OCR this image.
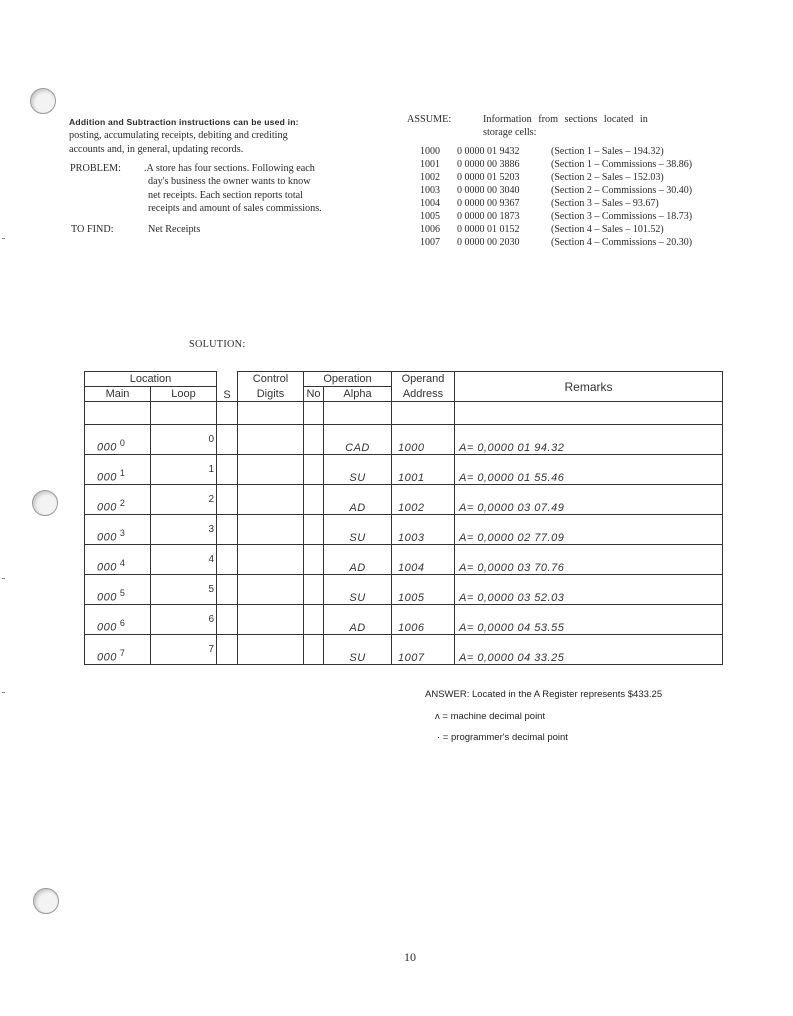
Addition and Subtraction instructions can be used in:
posting, accumulating receipts, debiting and crediting
accounts and, in general, updating records.
PROBLEM: .A store has four sections. Following each
day's business the owner wants to know
net receipts. Each section reports total
receipts and amount of sales commissions.
TO FIND:	Net Receipts
ASSUME:	Information from sections located in
storage cells:
1000	0 0000 01 9432	(Section 1 – Sales – 194.32)
1001	0 0000 00 3886	(Section 1 – Commissions – 38.86)
1002	0 0000 01 5203	(Section 2 – Sales – 152.03)
1003	0 0000 00 3040	(Section 2 – Commissions – 30.40)
1004	0 0000 00 9367	(Section 3 – Sales – 93.67)
1005	0 0000 00 1873	(Section 3 – Commissions – 18.73)
1006	0 0000 01 0152	(Section 4 – Sales – 101.52)
1007	0 0000 00 2030	(Section 4 – Commissions – 20.30)
SOLUTION:
Location		S	Control	Operation		Operand	Remarks
Main	Loop		Digits	No	Alpha	Address	

000 $^0$	0				CAD	1000	A= 0,0000 01 94.32
000 $^1$	1				SU	1001	A= 0,0000 01 55.46
000 $^2$	2				AD	1002	A= 0,0000 03 07.49
000 $^3$	3				SU	1003	A= 0,0000 02 77.09
000 $^4$	4				AD	1004	A= 0,0000 03 70.76
000 $^5$	5				SU	1005	A= 0,0000 03 52.03
000 $^6$	6				AD	1006	A= 0,0000 04 53.55
000 $^7$	7				SU	1007	A= 0,0000 04 33.25
ANSWER: Located in the A Register represents $433.25
ʌ = machine decimal point
· = programmer's decimal point
10
